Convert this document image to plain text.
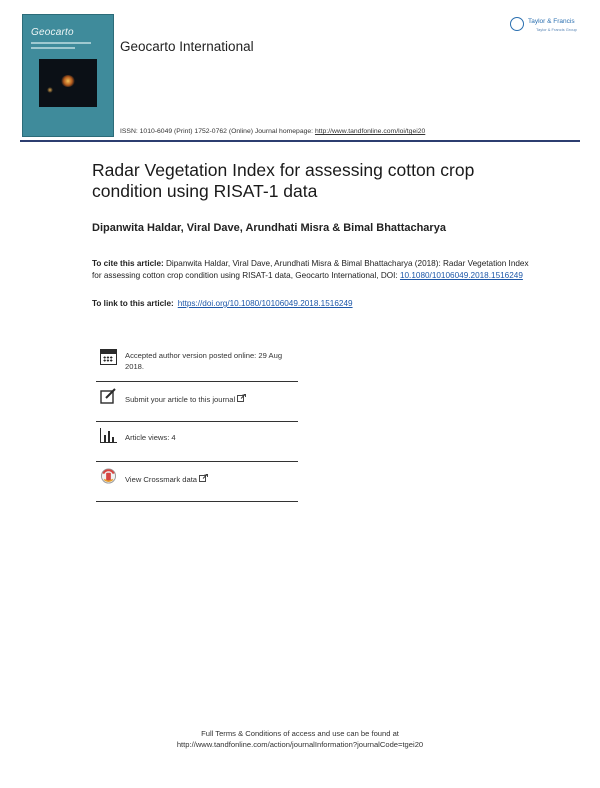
Geocarto
Geocarto International
Taylor & Francis
Taylor & Francis Group
ISSN: 1010-6049 (Print) 1752-0762 (Online) Journal homepage: http://www.tandfonline.com/loi/tgei20
Radar Vegetation Index for assessing cotton crop condition using RISAT-1 data
Dipanwita Haldar, Viral Dave, Arundhati Misra & Bimal Bhattacharya
To cite this article: Dipanwita Haldar, Viral Dave, Arundhati Misra & Bimal Bhattacharya (2018): Radar Vegetation Index for assessing cotton crop condition using RISAT-1 data, Geocarto International, DOI: 10.1080/10106049.2018.1516249
To link to this article: https://doi.org/10.1080/10106049.2018.1516249
Accepted author version posted online: 29 Aug 2018.
Submit your article to this journal
Article views: 4
View Crossmark data
Full Terms & Conditions of access and use can be found at
http://www.tandfonline.com/action/journalInformation?journalCode=tgei20
